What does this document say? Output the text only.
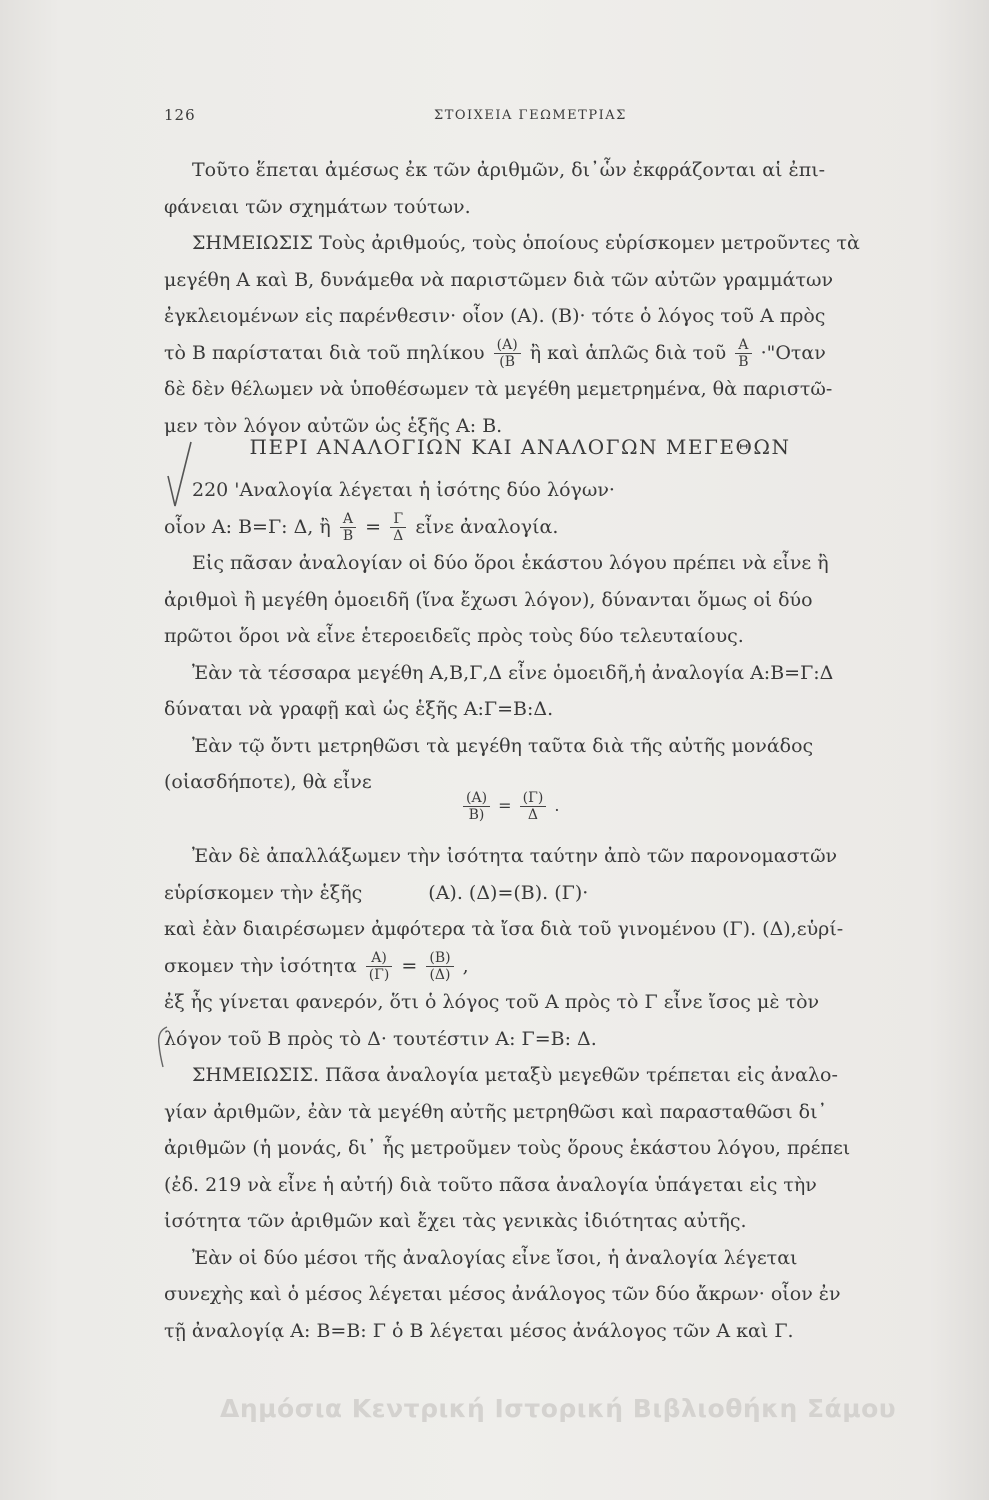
126	ΣΤΟΙΧΕΙΑ ΓΕΩΜΕΤΡΙΑΣ
Τοῦτο ἕπεται ἀμέσως ἐκ τῶν ἀριθμῶν, δι᾽ὧν ἐκφράζονται αἱ ἐπι-
φάνειαι τῶν σχημάτων τούτων.
ΣΗΜΕΙΩΣΙΣ Τοὺς ἀριθμούς, τοὺς ὁποίους εὑρίσκομεν μετροῦντες τὰ
μεγέθη Α καὶ Β, δυνάμεθα νὰ παριστῶμεν διὰ τῶν αὐτῶν γραμμάτων
ἐγκλειομένων εἰς παρένθεσιν· οἷον (Α). (Β)· τότε ὁ λόγος τοῦ Α πρὸς
τὸ Β παρίσταται διὰ τοῦ πηλίκου $\frac{(A)}{(B}$ ἢ καὶ ἁπλῶς διὰ τοῦ $\frac{A}{B}$ ·"Οταν
δὲ δὲν θέλωμεν νὰ ὑποθέσωμεν τὰ μεγέθη μεμετρημένα, θὰ παριστῶ-
μεν τὸν λόγον αὐτῶν ὡς ἑξῆς Α: Β.
ΠΕΡΙ ΑΝΑΛΟΓΙΩΝ ΚΑΙ ΑΝΑΛΟΓΩΝ ΜΕΓΕΘΩΝ
220 'Αναλογία λέγεται ἡ ἰσότης δύο λόγων·
οἷον Α: Β=Γ: Δ, ἢ $\frac{A}{B} = \frac{\Gamma}{\Delta}$ εἶνε ἀναλογία.
Εἰς πᾶσαν ἀναλογίαν οἱ δύο ὅροι ἑκάστου λόγου πρέπει νὰ εἶνε ἢ
ἀριθμοὶ ἢ μεγέθη ὁμοειδῆ (ἵνα ἔχωσι λόγον), δύνανται ὅμως οἱ δύο
πρῶτοι ὅροι νὰ εἶνε ἑτεροειδεῖς πρὸς τοὺς δύο τελευταίους.
Ἐὰν τὰ τέσσαρα μεγέθη Α,Β,Γ,Δ εἶνε ὁμοειδῆ,ἡ ἀναλογία Α:Β=Γ:Δ
δύναται νὰ γραφῇ καὶ ὡς ἑξῆς Α:Γ=Β:Δ.
Ἐὰν τῷ ὄντι μετρηθῶσι τὰ μεγέθη ταῦτα διὰ τῆς αὐτῆς μονάδος
(οἱασδήποτε), θὰ εἶνε
$\frac{(A)}{B)} = \frac{(\Gamma)}{\Delta}$ .
Ἐὰν δὲ ἀπαλλάξωμεν τὴν ἰσότητα ταύτην ἀπὸ τῶν παρονομαστῶν
εὑρίσκομεν τὴν ἑξῆς	(Α). (Δ)=(Β). (Γ)·
καὶ ἐὰν διαιρέσωμεν ἀμφότερα τὰ ἴσα διὰ τοῦ γινομένου (Γ). (Δ),εὑρί-
σκομεν τὴν ἰσότητα $\frac{A)}{(\Gamma)} = \frac{(B)}{(\Delta)}$ ,
ἐξ ἧς γίνεται φανερόν, ὅτι ὁ λόγος τοῦ Α πρὸς τὸ Γ εἶνε ἴσος μὲ τὸν
λόγον τοῦ Β πρὸς τὸ Δ· τουτέστιν Α: Γ=Β: Δ.
ΣΗΜΕΙΩΣΙΣ. Πᾶσα ἀναλογία μεταξὺ μεγεθῶν τρέπεται εἰς ἀναλο-
γίαν ἀριθμῶν, ἐὰν τὰ μεγέθη αὐτῆς μετρηθῶσι καὶ παρασταθῶσι δι᾽
ἀριθμῶν (ἡ μονάς, δι᾽ ἧς μετροῦμεν τοὺς ὅρους ἑκάστου λόγου, πρέπει
(ἐδ. 219 νὰ εἶνε ἡ αὐτή) διὰ τοῦτο πᾶσα ἀναλογία ὑπάγεται εἰς τὴν
ἰσότητα τῶν ἀριθμῶν καὶ ἔχει τὰς γενικὰς ἰδιότητας αὐτῆς.
Ἐὰν οἱ δύο μέσοι τῆς ἀναλογίας εἶνε ἴσοι, ἡ ἀναλογία λέγεται
συνεχὴς καὶ ὁ μέσος λέγεται μέσος ἀνάλογος τῶν δύο ἄκρων· οἷον ἐν
τῇ ἀναλογίᾳ Α: Β=Β: Γ ὁ Β λέγεται μέσος ἀνάλογος τῶν Α καὶ Γ.
Δημόσια Κεντρική Ιστορική Βιβλιοθήκη Σάμου
